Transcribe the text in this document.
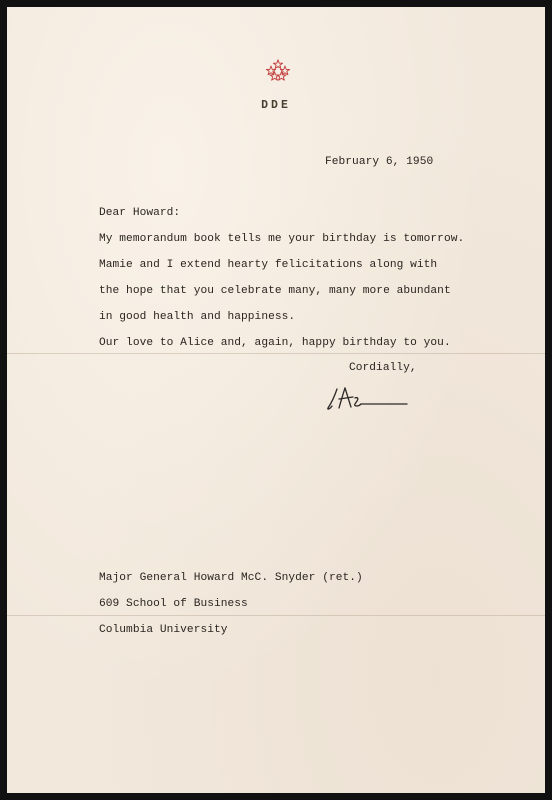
DDE
February 6, 1950
Dear Howard:
My memorandum book tells me your birthday is tomorrow.
Mamie and I extend hearty felicitations along with
the hope that you celebrate many, many more abundant
in good health and happiness.
Our love to Alice and, again, happy birthday to you.
Cordially,
Major General Howard McC. Snyder (ret.)
609 School of Business
Columbia University
